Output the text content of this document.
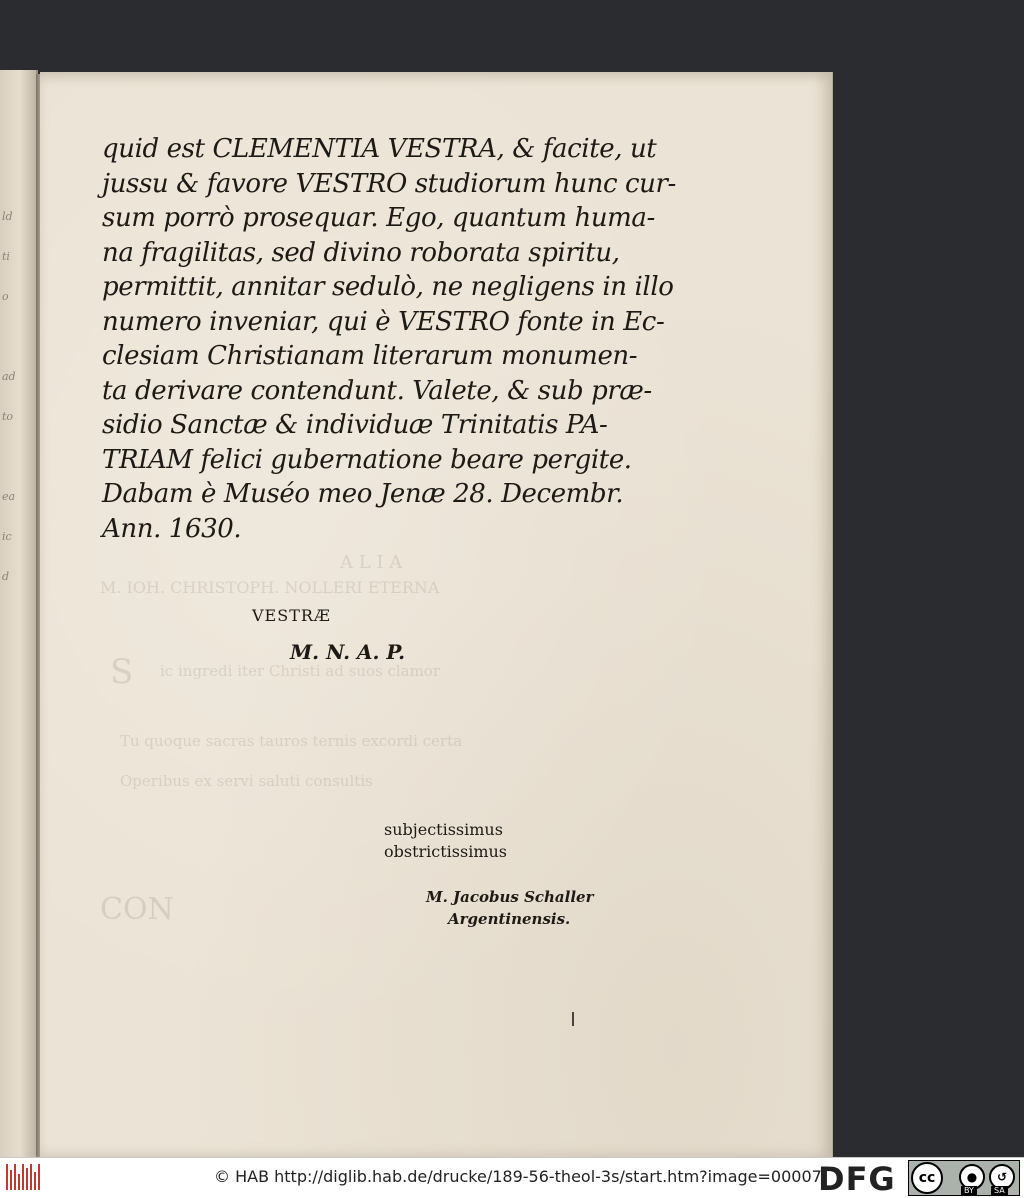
ld
ti
o
ad
to
ea
ic
d
A L I A
M. IOH. CHRISTOPH. NOLLERI ETERNA
S ic ingredi iter Christi ad suos clamor
Tu quoque sacras tauros ternis excordi certa
Operibus ex servi saluti consultis
CON
quid est CLEMENTIA VESTRA, & facite, ut
jussu & favore VESTRO studiorum hunc cur-
sum porrò prosequar. Ego, quantum huma-
na fragilitas, sed divino roborata spiritu,
permittit, annitar sedulò, ne negligens in illo
numero inveniar, qui è VESTRO fonte in Ec-
clesiam Christianam literarum monumen-
ta derivare contendunt. Valete, & sub præ-
sidio Sanctæ & individuæ Trinitatis PA-
TRIAM felici gubernatione beare pergite.
Dabam è Muséo meo Jenæ 28. Decembr.
Ann. 1630.
VESTRÆ
M. N. A. P.
subjectissimus
obstrictissimus
M. Jacobus Schaller
Argentinensis.
© HAB http://diglib.hab.de/drucke/189-56-theol-3s/start.htm?image=00007
DFG	cc	●	↺
BY	SA
